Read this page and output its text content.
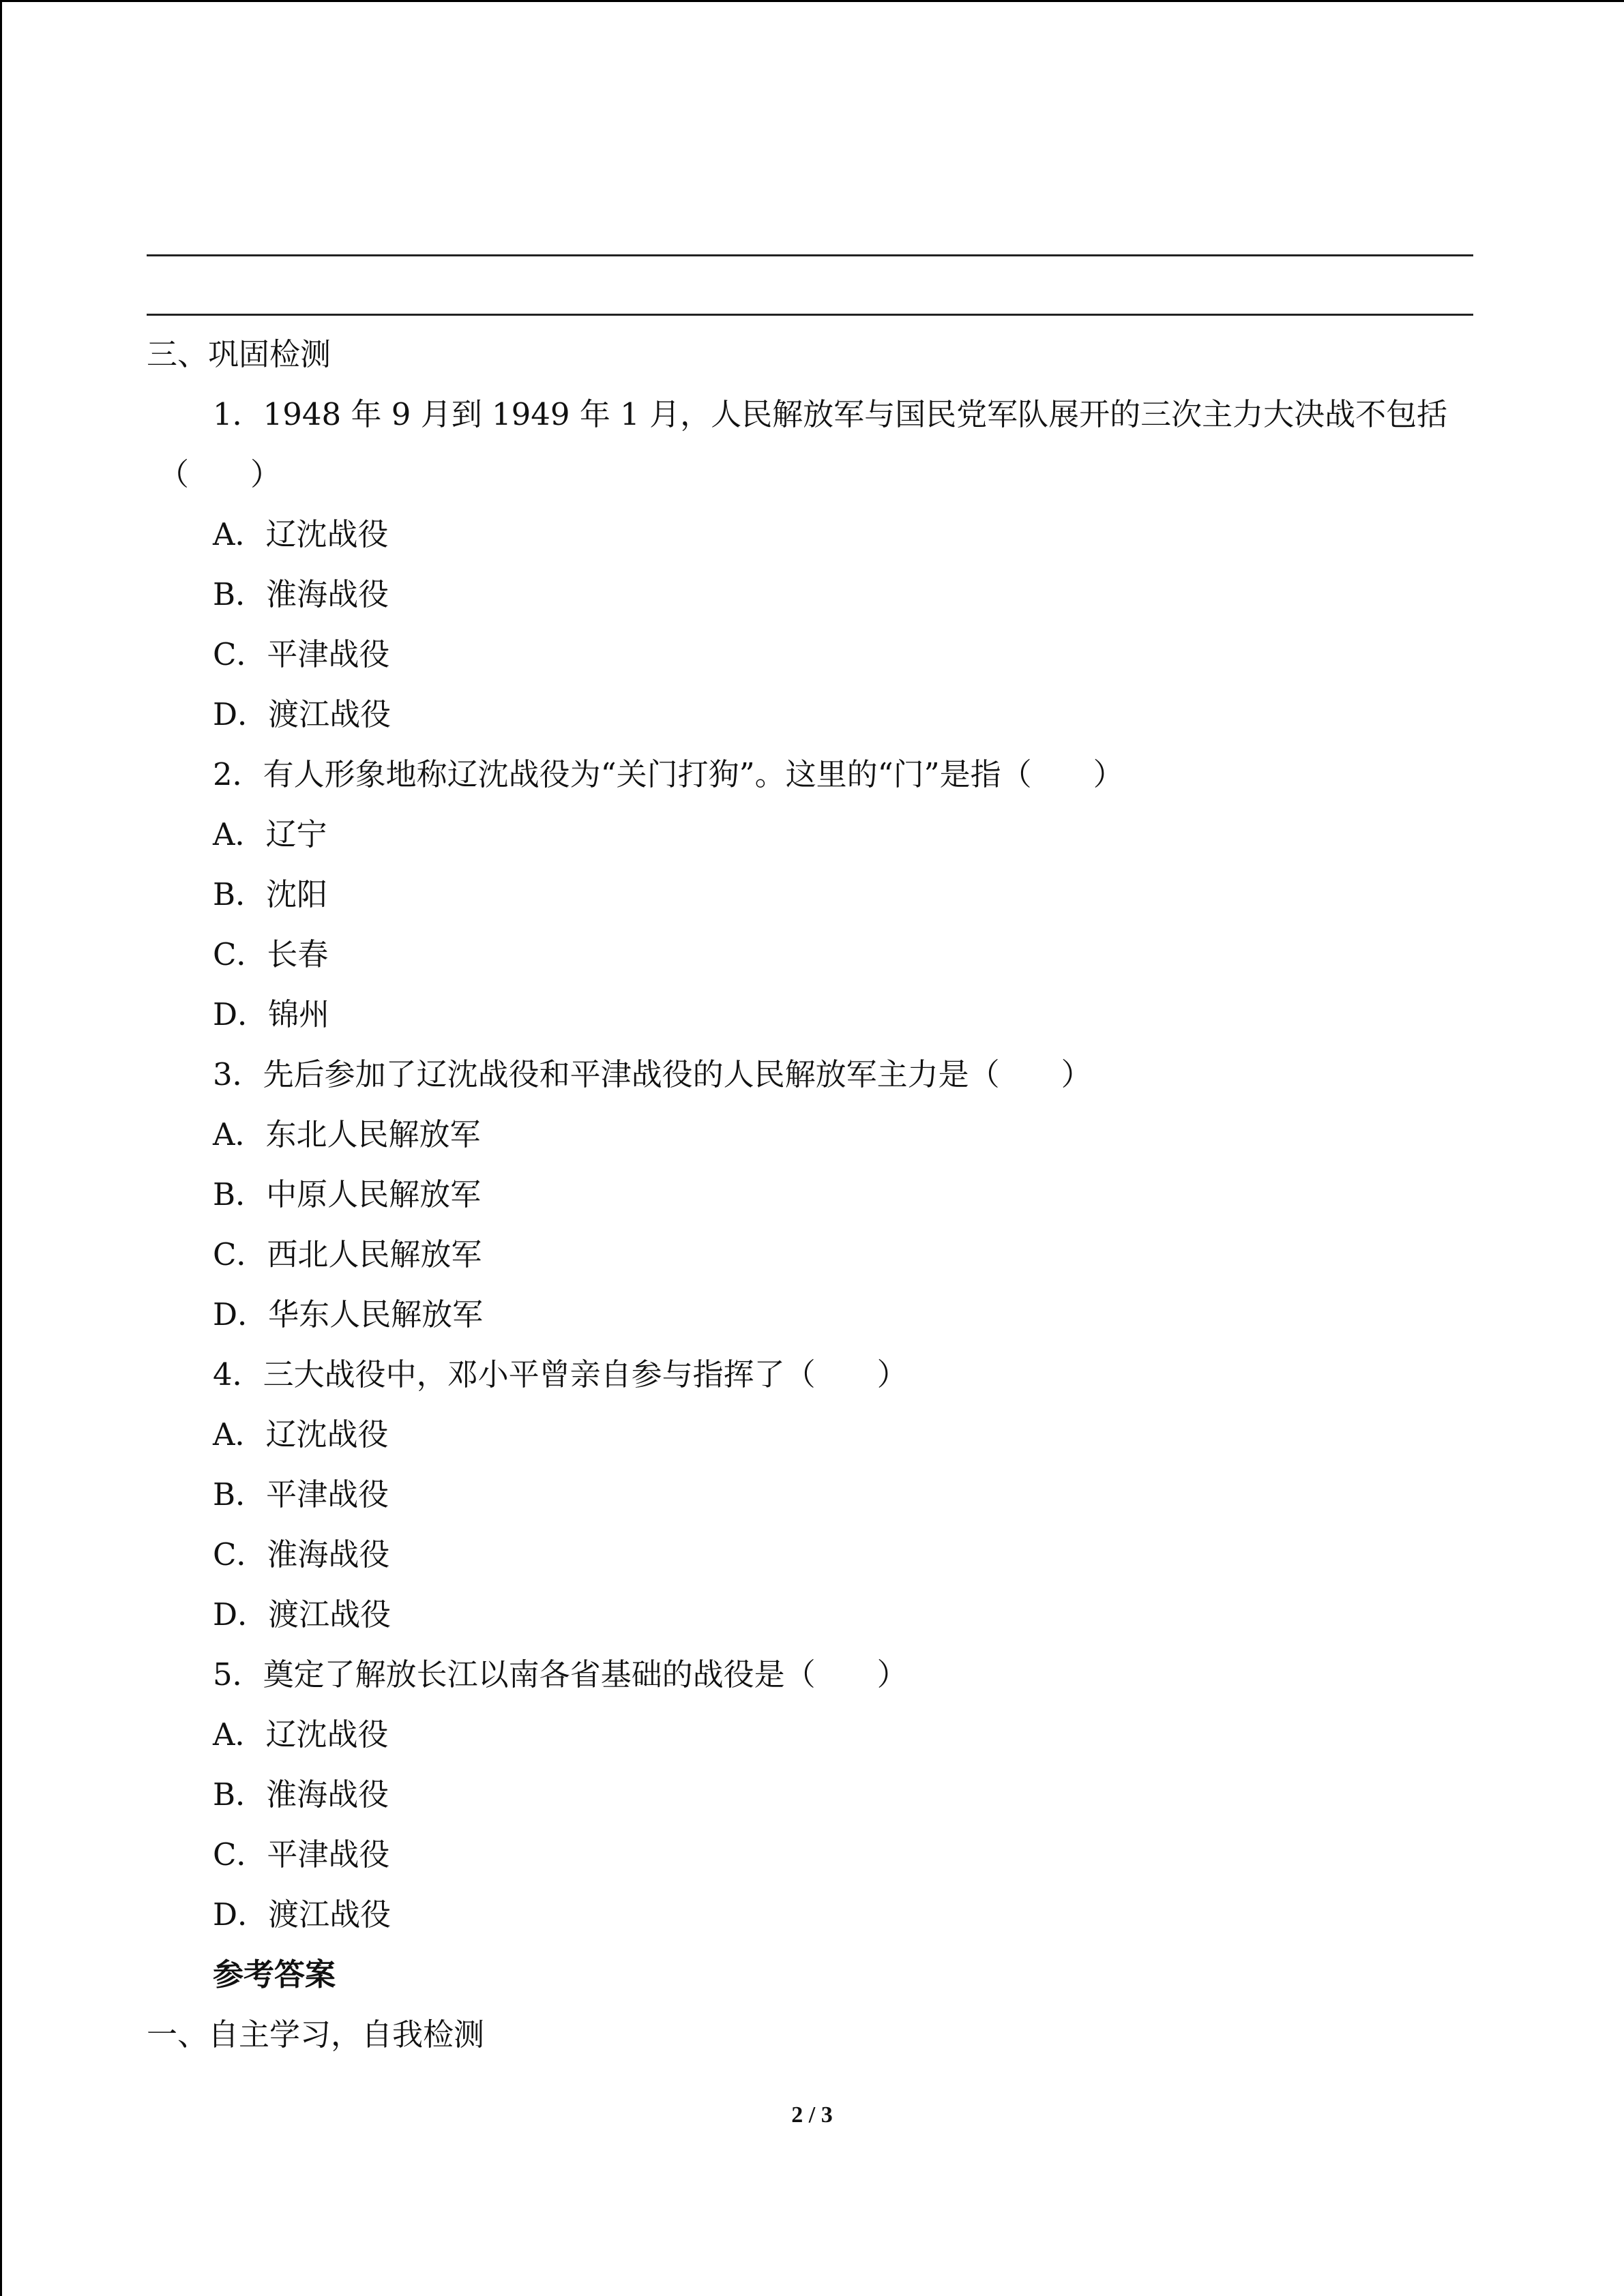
三、巩固检测
1．1948 年 9 月到 1949 年 1 月，人民解放军与国民党军队展开的三次主力大决战不包括
（　　）
A．辽沈战役
B．淮海战役
C．平津战役
D．渡江战役
2．有人形象地称辽沈战役为“关门打狗”。这里的“门”是指（　　）
A．辽宁
B．沈阳
C．长春
D．锦州
3．先后参加了辽沈战役和平津战役的人民解放军主力是（　　）
A．东北人民解放军
B．中原人民解放军
C．西北人民解放军
D．华东人民解放军
4．三大战役中，邓小平曾亲自参与指挥了（　　）
A．辽沈战役
B．平津战役
C．淮海战役
D．渡江战役
5．奠定了解放长江以南各省基础的战役是（　　）
A．辽沈战役
B．淮海战役
C．平津战役
D．渡江战役
参考答案
一、自主学习，自我检测
2 / 3
